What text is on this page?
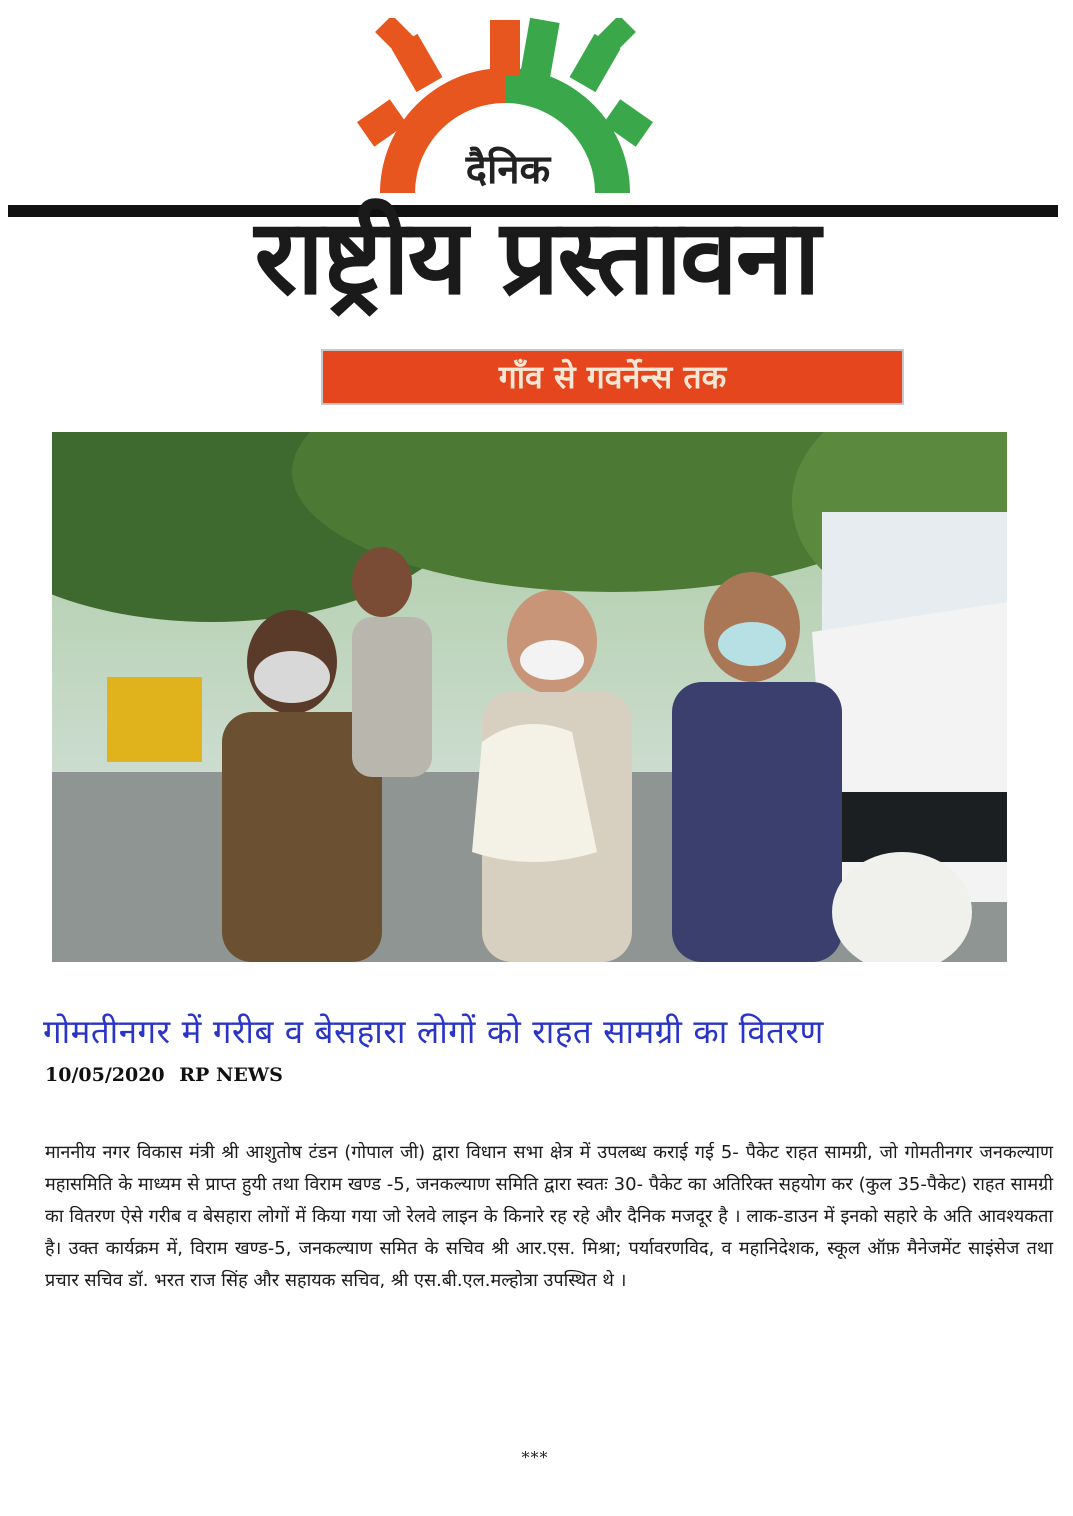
दैनिक
राष्ट्रीय प्रस्तावना
गाँव से गवर्नेन्स तक
गोमतीनगर में गरीब व बेसहारा लोगों को राहत सामग्री का वितरण
10/05/2020 RP NEWS
माननीय नगर विकास मंत्री श्री आशुतोष टंडन (गोपाल जी) द्वारा विधान सभा क्षेत्र में उपलब्ध कराई गई 5- पैकेट राहत सामग्री, जो गोमतीनगर जनकल्याण महासमिति के माध्यम से प्राप्त हुयी तथा विराम खण्ड -5, जनकल्याण समिति द्वारा स्वतः 30- पैकेट का अतिरिक्त सहयोग कर (कुल 35-पैकेट) राहत सामग्री का वितरण ऐसे गरीब व बेसहारा लोगों में किया गया जो रेलवे लाइन के किनारे रह रहे और दैनिक मजदूर है । लाक-डाउन में इनको सहारे के अति आवश्यकता है। उक्त कार्यक्रम में, विराम खण्ड-5, जनकल्याण समित के सचिव श्री आर.एस. मिश्रा; पर्यावरणविद, व महानिदेशक, स्कूल ऑफ़ मैनेजमेंट साइंसेज तथा प्रचार सचिव डॉ. भरत राज सिंह और सहायक सचिव, श्री एस.बी.एल.मल्होत्रा उपस्थित थे ।
***
